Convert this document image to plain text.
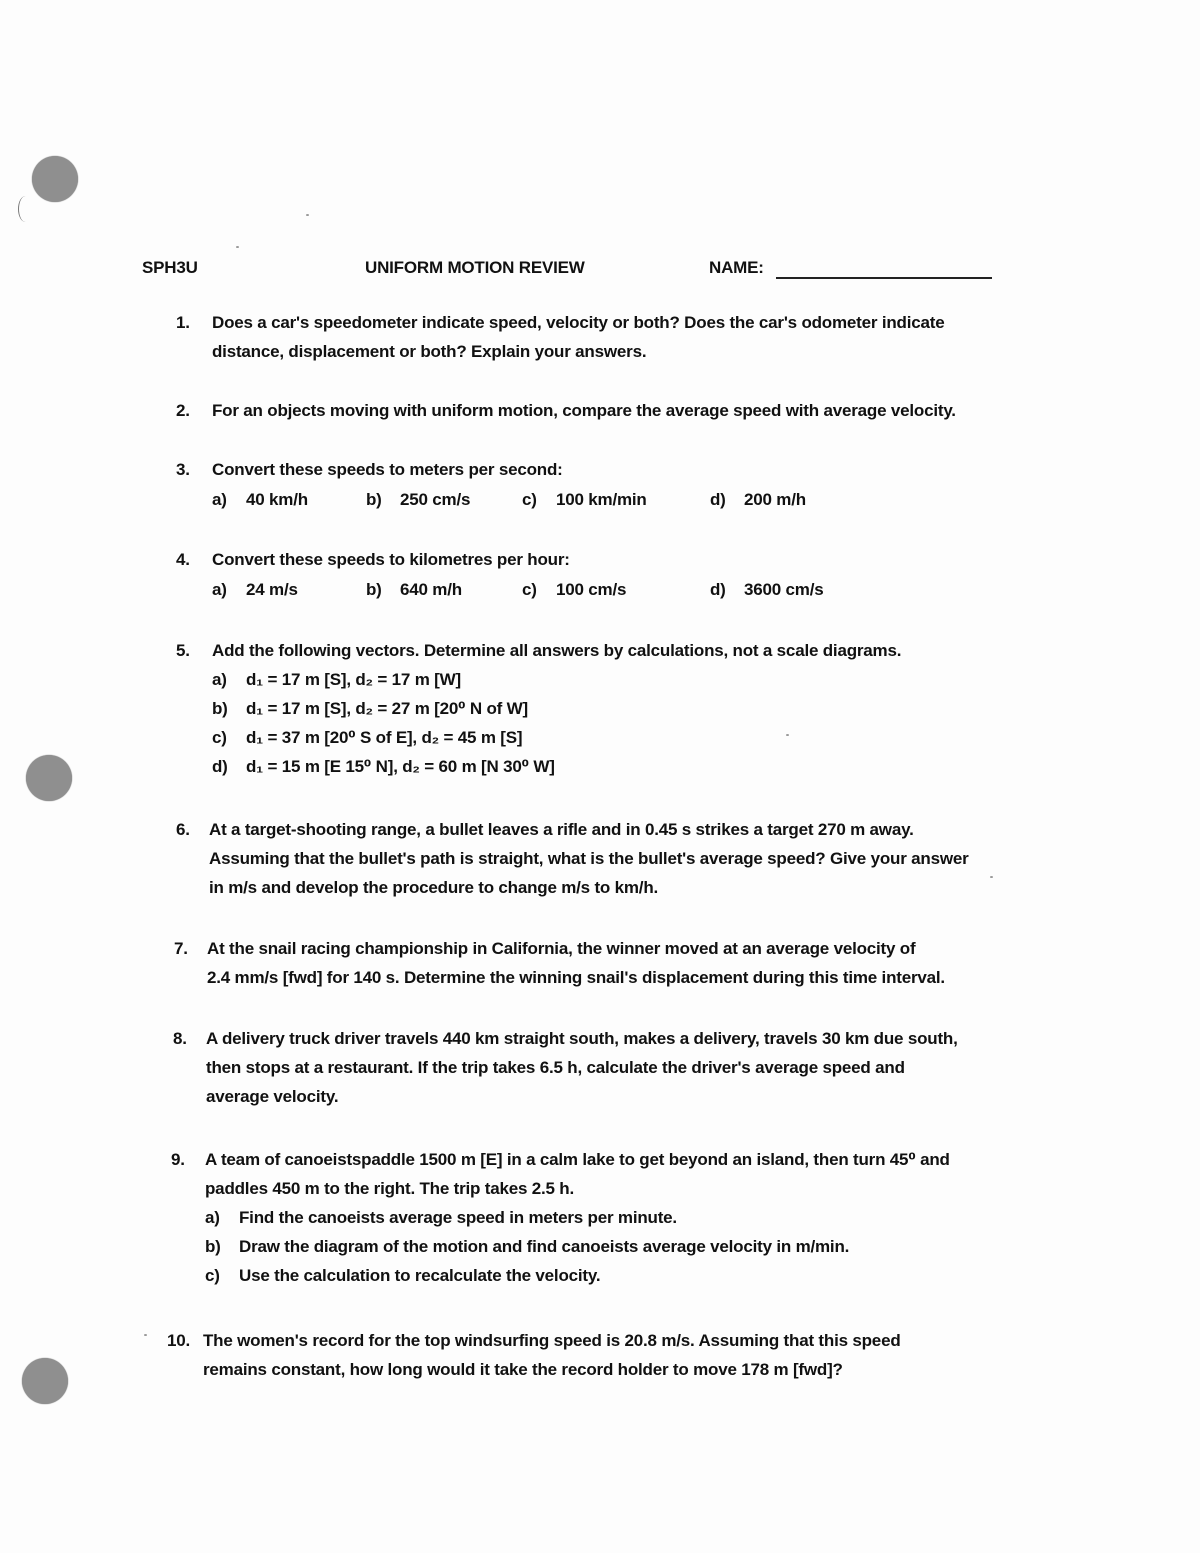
SPH3U	UNIFORM MOTION REVIEW	NAME:
1. Does a car's speedometer indicate speed, velocity or both? Does the car's odometer indicate
distance, displacement or both? Explain your answers.
2. For an objects moving with uniform motion, compare the average speed with average velocity.
3. Convert these speeds to meters per second:
a) 40 km/h	b) 250 cm/s	c) 100 km/min	d) 200 m/h
4. Convert these speeds to kilometres per hour:
a) 24 m/s	b) 640 m/h	c) 100 cm/s	d) 3600 cm/s
5. Add the following vectors. Determine all answers by calculations, not a scale diagrams.
a) d₁ = 17 m [S], d₂ = 17 m [W]
b) d₁ = 17 m [S], d₂ = 27 m [20⁰ N of W]
c) d₁ = 37 m [20⁰ S of E], d₂ = 45 m [S]
d) d₁ = 15 m [E 15⁰ N], d₂ = 60 m [N 30⁰ W]
6. At a target-shooting range, a bullet leaves a rifle and in 0.45 s strikes a target 270 m away.
Assuming that the bullet's path is straight, what is the bullet's average speed? Give your answer
in m/s and develop the procedure to change m/s to km/h.
7. At the snail racing championship in California, the winner moved at an average velocity of
2.4 mm/s [fwd] for 140 s. Determine the winning snail's displacement during this time interval.
8. A delivery truck driver travels 440 km straight south, makes a delivery, travels 30 km due south,
then stops at a restaurant. If the trip takes 6.5 h, calculate the driver's average speed and
average velocity.
9. A team of canoeistspaddle 1500 m [E] in a calm lake to get beyond an island, then turn 45⁰ and
paddles 450 m to the right. The trip takes 2.5 h.
a) Find the canoeists average speed in meters per minute.
b) Draw the diagram of the motion and find canoeists average velocity in m/min.
c) Use the calculation to recalculate the velocity.
10. The women's record for the top windsurfing speed is 20.8 m/s. Assuming that this speed
remains constant, how long would it take the record holder to move 178 m [fwd]?
